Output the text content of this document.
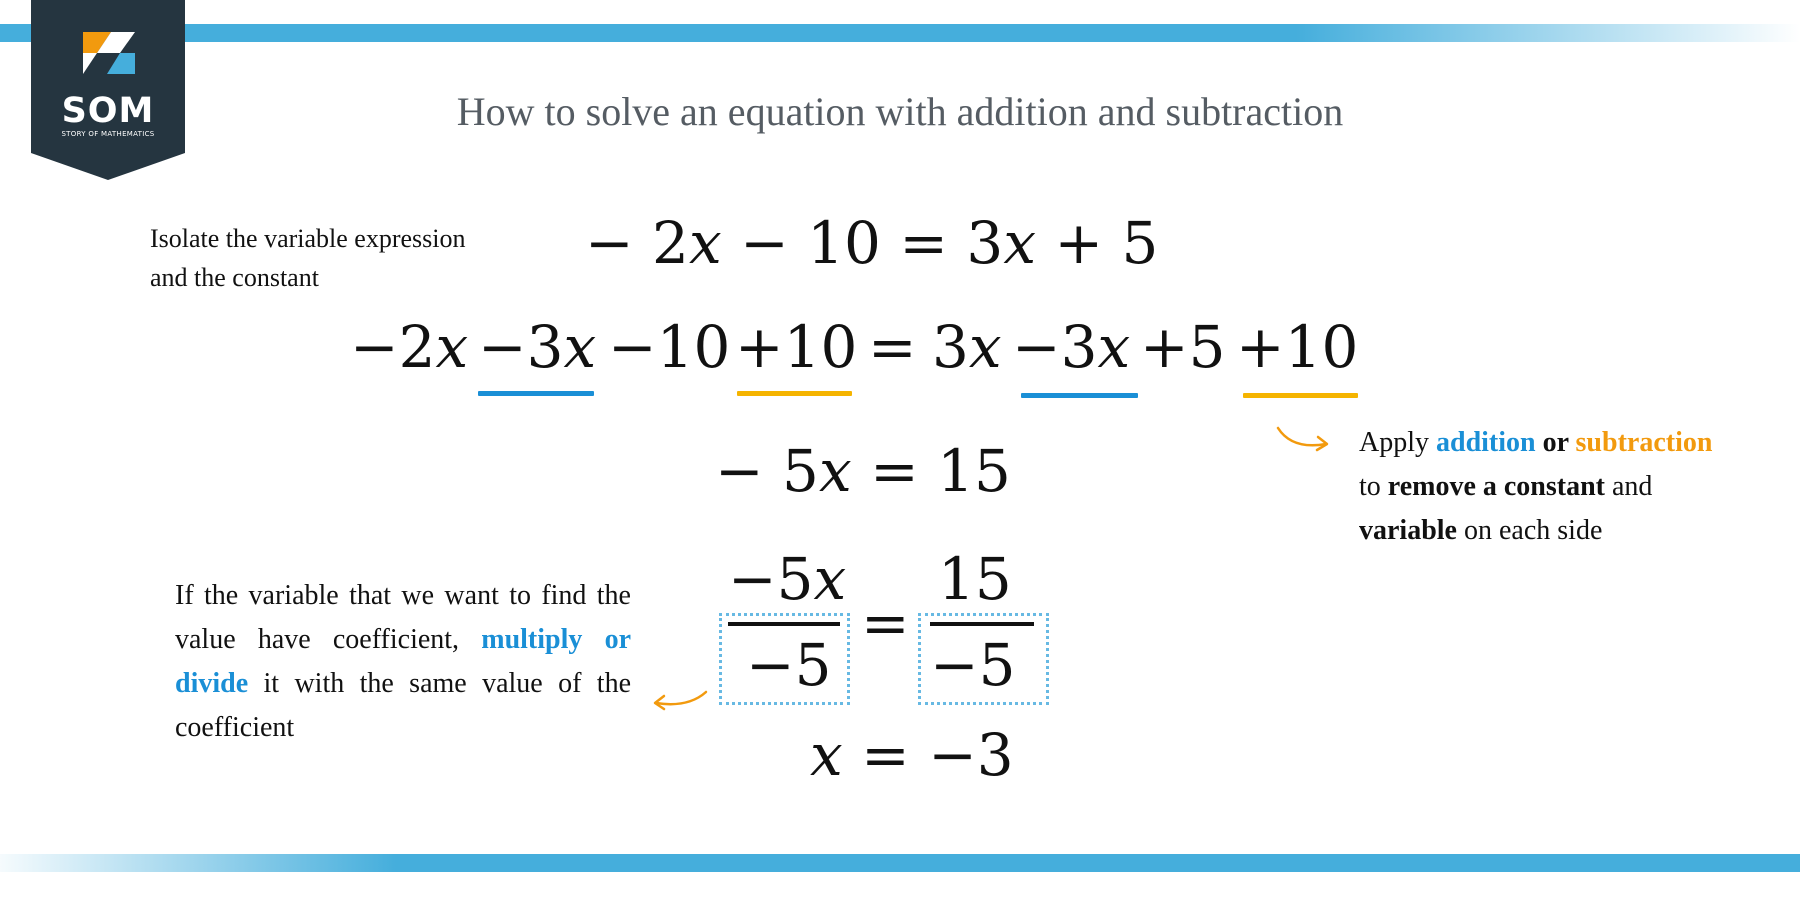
SOM
STORY OF MATHEMATICS	How to solve an equation with addition and subtraction
Isolate the variable expression
and the constant
− 2x − 10 = 3x + 5
−2x −3x −10 +10 = 3x −3x +5 +10
Apply addition or subtraction
to remove a constant and
variable on each side
− 5x = 15
−5x
−5
=
15
−5
If the variable that we want to find the value have coefficient, multiply or divide it with the same value of the coefficient	x = −3
